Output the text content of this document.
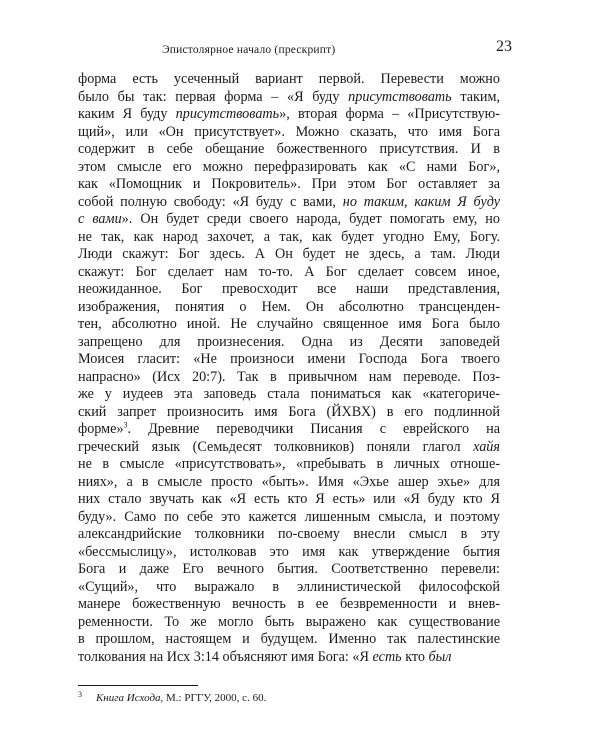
Эпистолярное начало (прескрипт)	23
форма есть усеченный вариант первой. Перевести можно
было бы так: первая форма – «Я буду присутствовать таким,
каким Я буду присутствовать», вторая форма – «Присутствую-
щий», или «Он присутствует». Можно сказать, что имя Бога
содержит в себе обещание божественного присутствия. И в
этом смысле его можно перефразировать как «С нами Бог»,
как «Помощник и Покровитель». При этом Бог оставляет за
собой полную свободу: «Я буду с вами, но таким, каким Я буду
с вами». Он будет среди своего народа, будет помогать ему, но
не так, как народ захочет, а так, как будет угодно Ему, Богу.
Люди скажут: Бог здесь. А Он будет не здесь, а там. Люди
скажут: Бог сделает нам то-то. А Бог сделает совсем иное,
неожиданное. Бог превосходит все наши представления,
изображения, понятия о Нем. Он абсолютно трансценден-
тен, абсолютно иной. Не случайно священное имя Бога было
запрещено для произнесения. Одна из Десяти заповедей
Моисея гласит: «Не произноси имени Господа Бога твоего
напрасно» (Исх 20:7). Так в привычном нам переводе. Поз-
же у иудеев эта заповедь стала пониматься как «категориче-
ский запрет произносить имя Бога (ЙХВХ) в его подлинной
форме»$^3$. Древние переводчики Писания с еврейского на
греческий язык (Семьдесят толковников) поняли глагол хайя
не в смысле «присутствовать», «пребывать в личных отноше-
ниях», а в смысле просто «быть». Имя «Эхье ашер эхье» для
них стало звучать как «Я есть кто Я есть» или «Я буду кто Я
буду». Само по себе это кажется лишенным смысла, и поэтому
александрийские толковники по-своему внесли смысл в эту
«бессмыслицу», истолковав это имя как утверждение бытия
Бога и даже Его вечного бытия. Соответственно перевели:
«Сущий», что выражало в эллинистической философской
манере божественную вечность в ее безвременности и внев-
ременности. То же могло быть выражено как существование
в прошлом, настоящем и будущем. Именно так палестинские
толкования на Исх 3:14 объясняют имя Бога: «Я есть кто был
$^3$ Книга Исхода, М.: РГГУ, 2000, с. 60.
